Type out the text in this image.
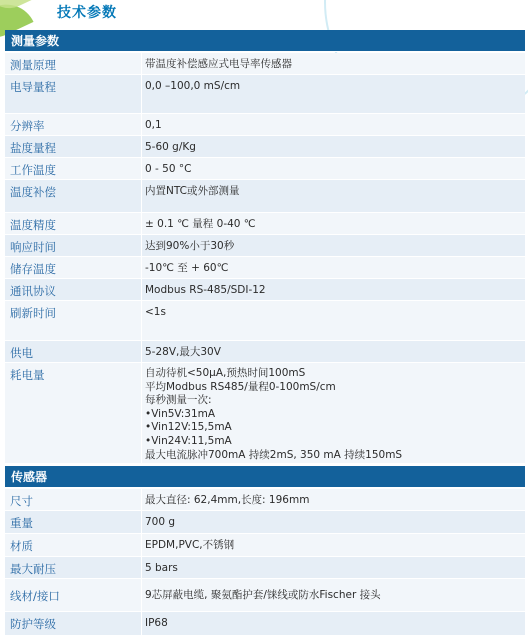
技术参数
测量参数
测量原理	带温度补偿感应式电导率传感器
电导量程	0,0 –100,0 mS/cm
分辨率	0,1
盐度量程	5-60 g/Kg
工作温度	0 - 50 °C
温度补偿	内置NTC或外部测量
温度精度	± 0.1 ℃ 量程 0-40 ℃
响应时间	达到90%小于30秒
储存温度	-10℃ 至 + 60℃
通讯协议	Modbus RS-485/SDI-12
刷新时间	<1s
供电	5-28V,最大30V
耗电量	自动待机<50µA,预热时间100mS
平均Modbus RS485/量程0-100mS/cm
每秒测量一次:
•Vin5V:31mA
•Vin12V:15,5mA
•Vin24V:11,5mA
最大电流脉冲700mA 持续2mS, 350 mA 持续150mS
传感器
尺寸	最大直径: 62,4mm,长度: 196mm
重量	700 g
材质	EPDM,PVC,不锈钢
最大耐压	5 bars
线材/接口	9芯屏蔽电缆, 聚氨酯护套/铼线或防水Fischer 接头
防护等级	IP68
